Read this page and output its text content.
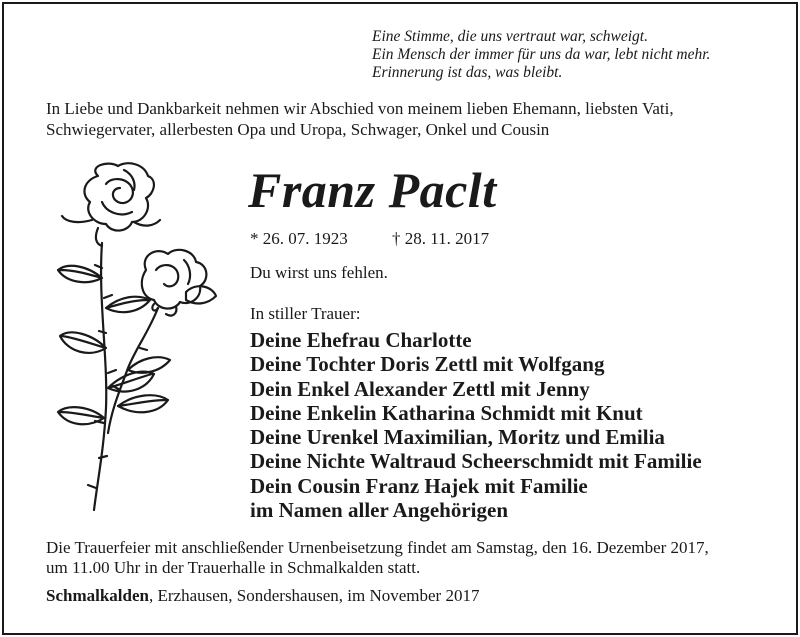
Eine Stimme, die uns vertraut war, schweigt.
Ein Mensch der immer für uns da war, lebt nicht mehr.
Erinnerung ist das, was bleibt.
In Liebe und Dankbarkeit nehmen wir Abschied von meinem lieben Ehemann, liebsten Vati,
Schwiegervater, allerbesten Opa und Uropa, Schwager, Onkel und Cousin
Franz Paclt
* 26. 07. 1923	† 28. 11. 2017
Du wirst uns fehlen.
In stiller Trauer:
Deine Ehefrau Charlotte
Deine Tochter Doris Zettl mit Wolfgang
Dein Enkel Alexander Zettl mit Jenny
Deine Enkelin Katharina Schmidt mit Knut
Deine Urenkel Maximilian, Moritz und Emilia
Deine Nichte Waltraud Scheerschmidt mit Familie
Dein Cousin Franz Hajek mit Familie
im Namen aller Angehörigen
Die Trauerfeier mit anschließender Urnenbeisetzung findet am Samstag, den 16. Dezember 2017,
um 11.00 Uhr in der Trauerhalle in Schmalkalden statt.
Schmalkalden, Erzhausen, Sondershausen, im November 2017
